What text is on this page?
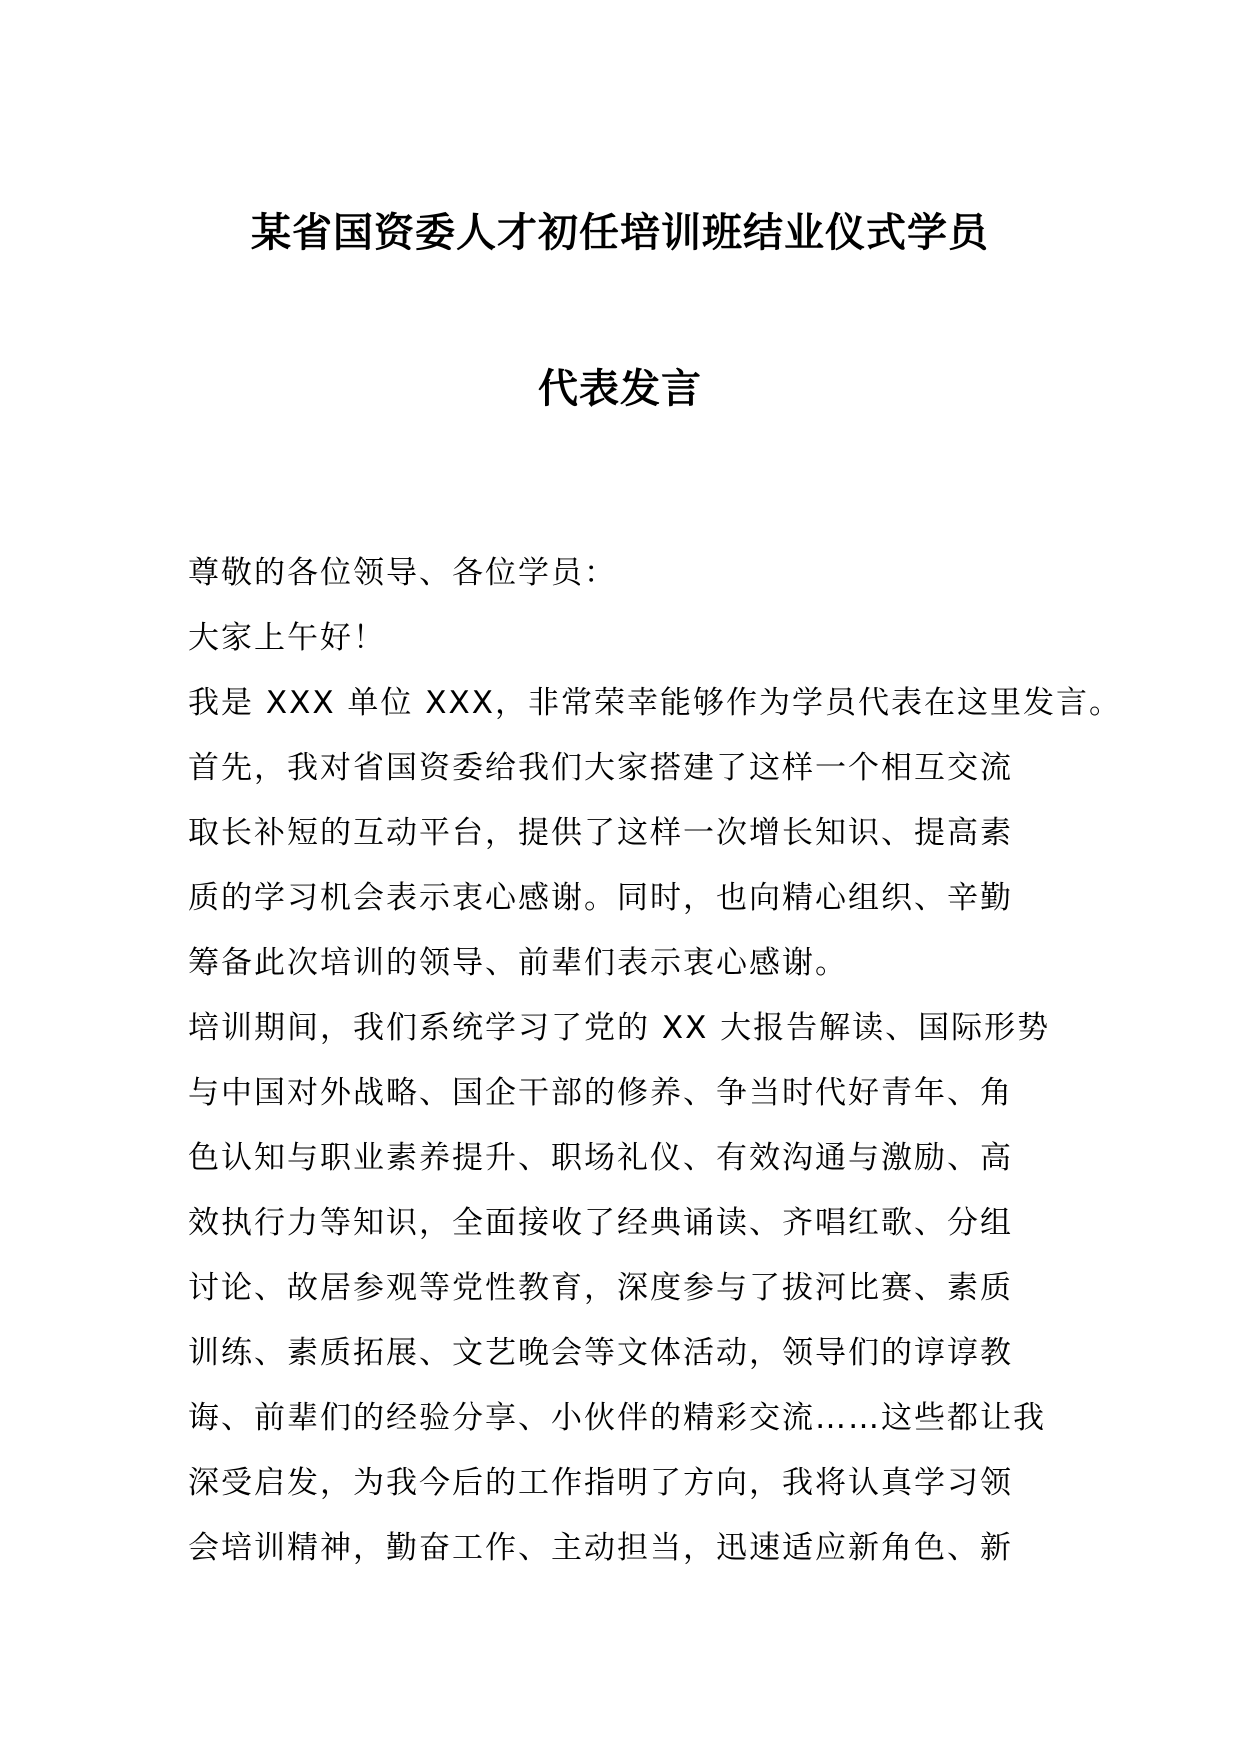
某省国资委人才初任培训班结业仪式学员
代表发言
尊敬的各位领导、各位学员：
大家上午好！
我是 XXX 单位 XXX，非常荣幸能够作为学员代表在这里发言。
首先，我对省国资委给我们大家搭建了这样一个相互交流
取长补短的互动平台，提供了这样一次增长知识、提高素
质的学习机会表示衷心感谢。同时，也向精心组织、辛勤
筹备此次培训的领导、前辈们表示衷心感谢。
培训期间，我们系统学习了党的 XX 大报告解读、国际形势
与中国对外战略、国企干部的修养、争当时代好青年、角
色认知与职业素养提升、职场礼仪、有效沟通与激励、高
效执行力等知识，全面接收了经典诵读、齐唱红歌、分组
讨论、故居参观等党性教育，深度参与了拔河比赛、素质
训练、素质拓展、文艺晚会等文体活动，领导们的谆谆教
诲、前辈们的经验分享、小伙伴的精彩交流……这些都让我
深受启发，为我今后的工作指明了方向，我将认真学习领
会培训精神，勤奋工作、主动担当，迅速适应新角色、新
